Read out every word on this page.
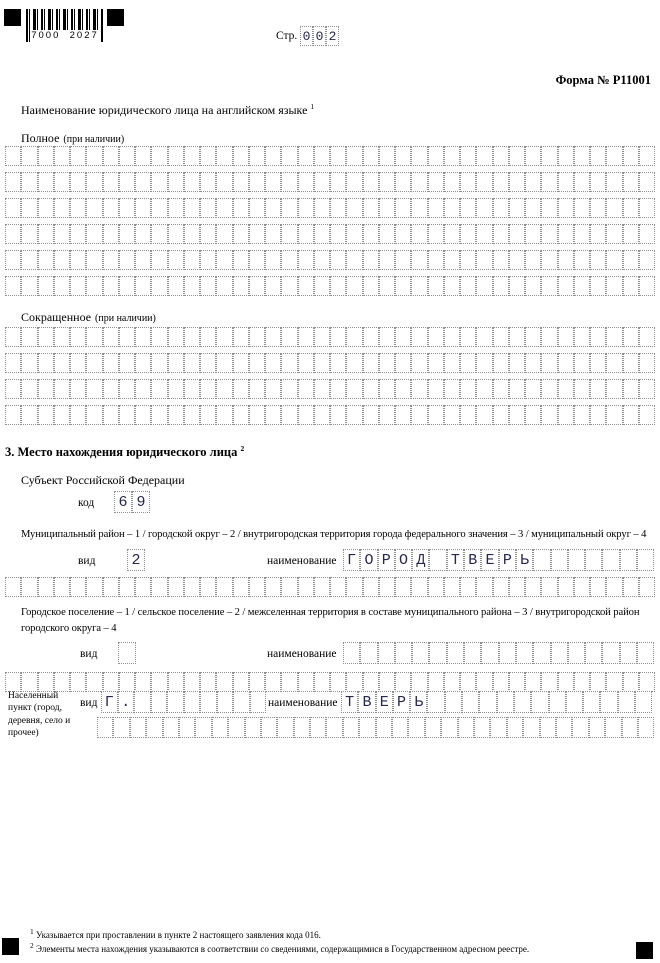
7000  2027	Стр. 0 0 2
Форма № Р11001
Наименование юридического лица на английском языке $^1$
Полное (при наличии)
Сокращенное (при наличии)
3. Место нахождения юридического лица $^2$
Субъект Российской Федерации
код 6 9
Муниципальный район – 1 / городской округ – 2 / внутригородская территория города федерального значения – 3 / муниципальный округ – 4
вид 2	наименование Г О Р О Д Т В Е Р Ь
Городское поселение – 1 / сельское поселение – 2 / межселенная территория в составе муниципального района – 3 / внутригородской район городского округа – 4
вид	наименование
Населенный пункт (город, деревня, село и прочее)
вид Г .	наименование Т В Е Р Ь
$^1$ Указывается при проставлении в пункте 2 настоящего заявления кода 016.
$^2$ Элементы места нахождения указываются в соответствии со сведениями, содержащимися в Государственном адресном реестре.
